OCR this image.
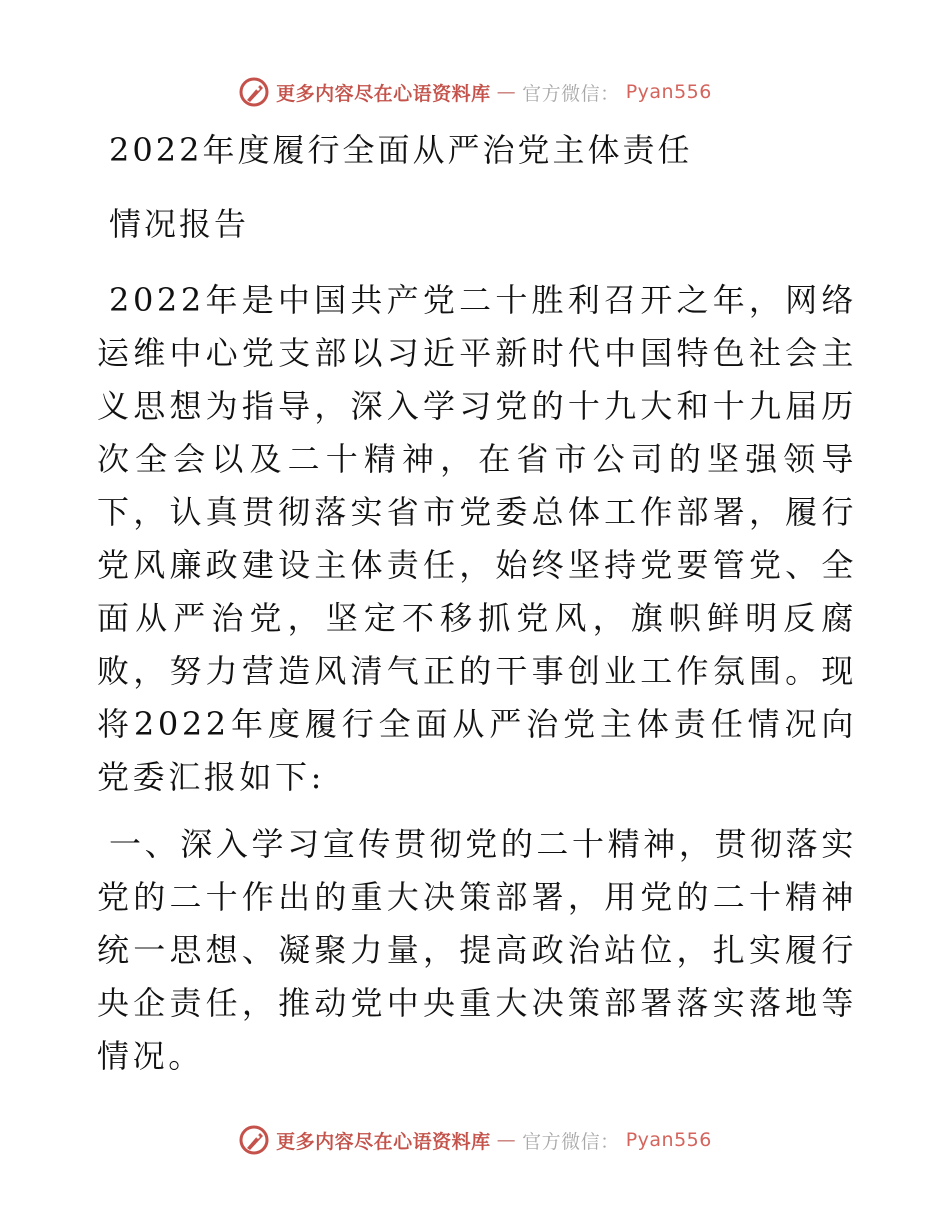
更多内容尽在心语资料库 — 官方微信： Pyan556
2022年度履行全面从严治党主体责任
情况报告

2022年是中国共产党二十胜利召开之年，网络运维中心党支部以习近平新时代中国特色社会主义思想为指导，深入学习党的十九大和十九届历次全会以及二十精神，在省市公司的坚强领导下，认真贯彻落实省市党委总体工作部署，履行党风廉政建设主体责任，始终坚持党要管党、全面从严治党，坚定不移抓党风，旗帜鲜明反腐败，努力营造风清气正的干事创业工作氛围。现将2022年度履行全面从严治党主体责任情况向党委汇报如下:

一、深入学习宣传贯彻党的二十精神，贯彻落实党的二十作出的重大决策部署，用党的二十精神统一思想、凝聚力量，提高政治站位，扎实履行央企责任，推动党中央重大决策部署落实落地等情况。

更多内容尽在心语资料库 — 官方微信： Pyan556
